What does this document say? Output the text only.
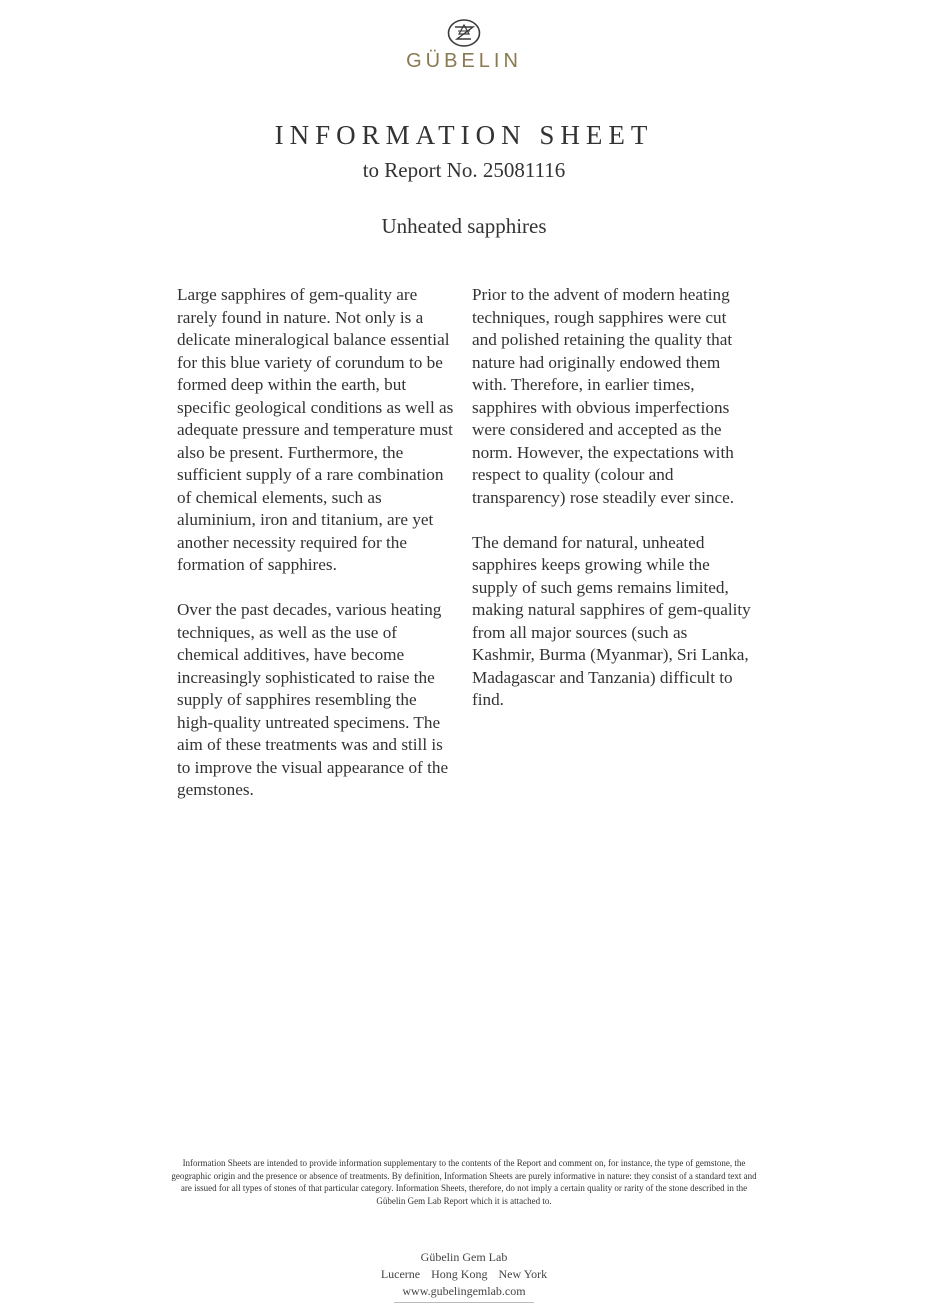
GÜBELIN
INFORMATION SHEET
to Report No. 25081116
Unheated sapphires

Large sapphires of gem-quality are rarely found in nature. Not only is a delicate mineralogical balance essential for this blue variety of corundum to be formed deep within the earth, but specific geological conditions as well as adequate pressure and temperature must also be present. Furthermore, the sufficient supply of a rare combination of chemical elements, such as aluminium, iron and titanium, are yet another necessity required for the formation of sapphires.

Over the past decades, various heating techniques, as well as the use of chemical additives, have become increasingly sophisticated to raise the supply of sapphires resembling the high-quality untreated specimens. The aim of these treatments was and still is to improve the visual appearance of the gemstones.

Prior to the advent of modern heating techniques, rough sapphires were cut and polished retaining the quality that nature had originally endowed them with. Therefore, in earlier times, sapphires with obvious imperfections were considered and accepted as the norm. However, the expectations with respect to quality (colour and transparency) rose steadily ever since.

The demand for natural, unheated sapphires keeps growing while the supply of such gems remains limited, making natural sapphires of gem-quality from all major sources (such as Kashmir, Burma (Myanmar), Sri Lanka, Madagascar and Tanzania) difficult to find.

Information Sheets are intended to provide information supplementary to the contents of the Report and comment on, for instance, the type of gemstone, the geographic origin and the presence or absence of treatments. By definition, Information Sheets are purely informative in nature: they consist of a standard text and are issued for all types of stones of that particular category. Information Sheets, therefore, do not imply a certain quality or rarity of the stone described in the Gübelin Gem Lab Report which it is attached to.
Gübelin Gem Lab
Lucerne Hong Kong New York
www.gubelingemlab.com
